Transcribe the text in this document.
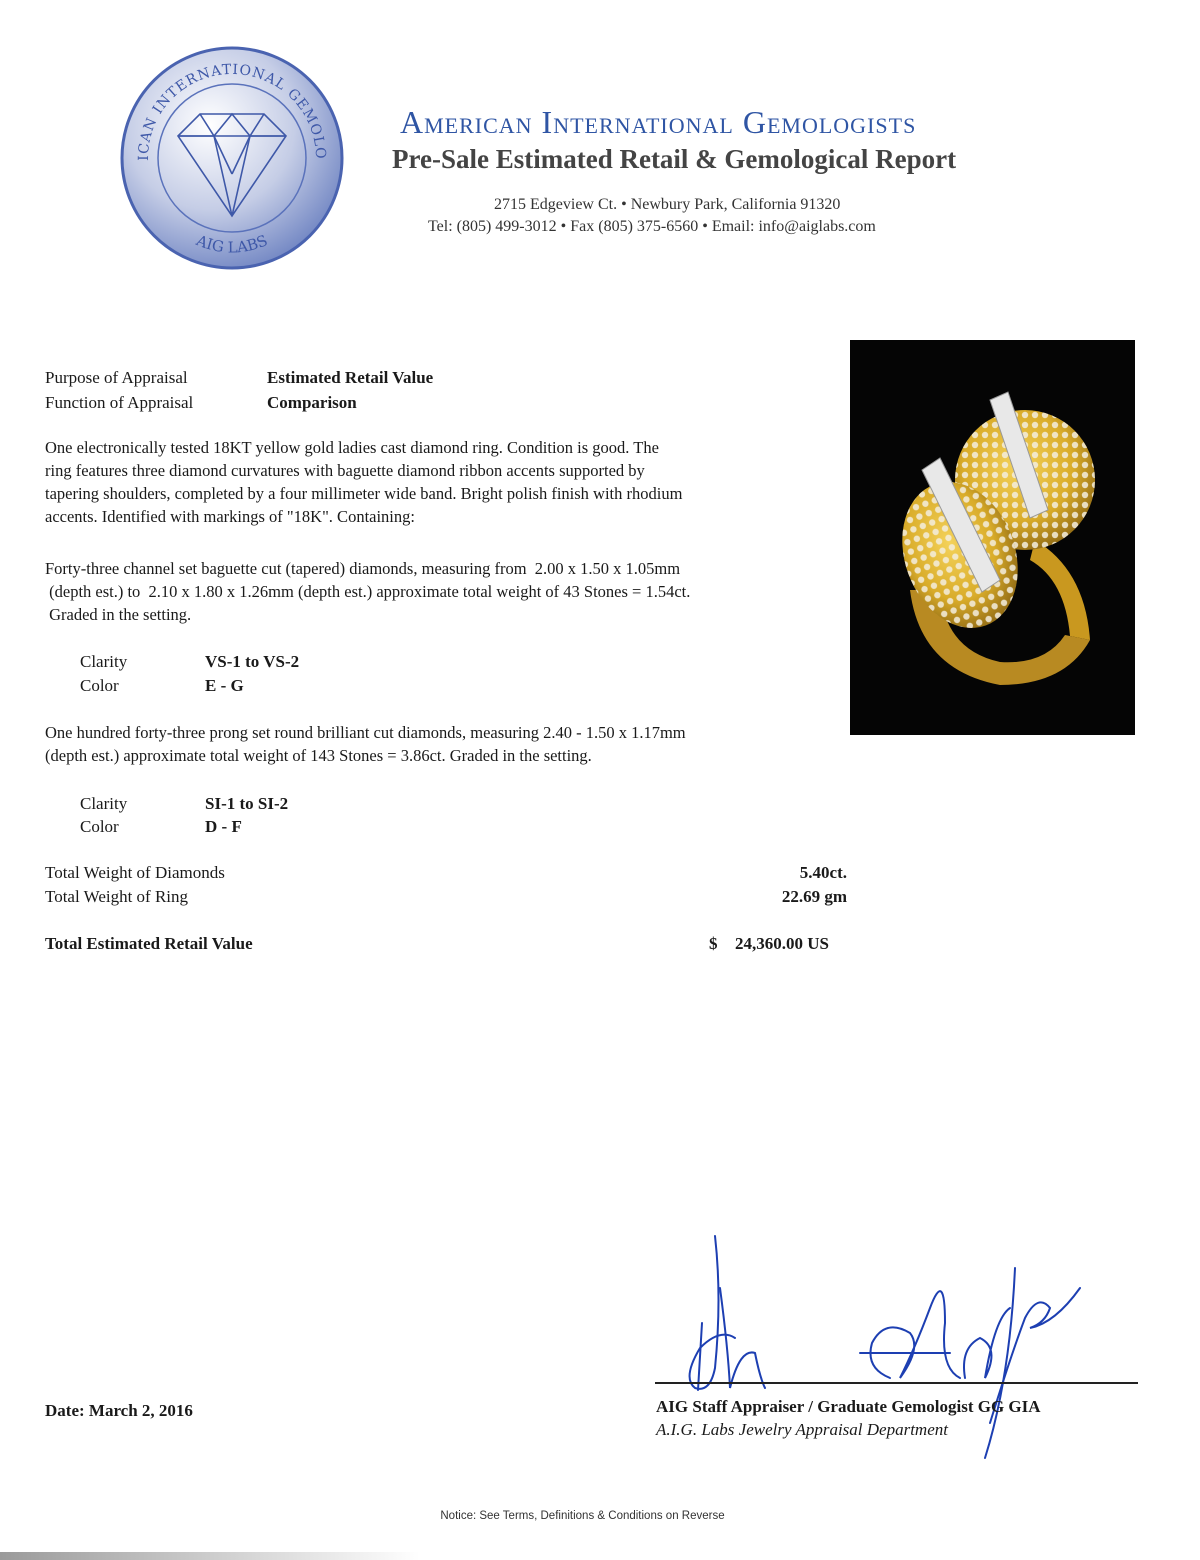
ICAN INTERNATIONAL GEMOLO
AIG LABS
American International Gemologists
Pre-Sale Estimated Retail & Gemological Report
2715 Edgeview Ct. • Newbury Park, California 91320
Tel: (805) 499-3012 • Fax (805) 375-6560 • Email: info@aiglabs.com
Purpose of Appraisal	Estimated Retail Value
Function of Appraisal	Comparison
One electronically tested 18KT yellow gold ladies cast diamond ring. Condition is good. The
ring features three diamond curvatures with baguette diamond ribbon accents supported by
tapering shoulders, completed by a four millimeter wide band. Bright polish finish with rhodium
accents. Identified with markings of "18K". Containing:
Forty-three channel set baguette cut (tapered) diamonds, measuring from  2.00 x 1.50 x 1.05mm
(depth est.) to  2.10 x 1.80 x 1.26mm (depth est.) approximate total weight of 43 Stones = 1.54ct.
Graded in the setting.
Clarity	VS-1 to VS-2
Color	E - G
One hundred forty-three prong set round brilliant cut diamonds, measuring 2.40 - 1.50 x 1.17mm
(depth est.) approximate total weight of 143 Stones = 3.86ct. Graded in the setting.
Clarity	SI-1 to SI-2
Color	D - F
Total Weight of Diamonds	5.40ct.
Total Weight of Ring	22.69 gm
Total Estimated Retail Value	$ 24,360.00 US
Date: March 2, 2016	AIG Staff Appraiser / Graduate Gemologist GG GIA
A.I.G. Labs Jewelry Appraisal Department
Notice: See Terms, Definitions & Conditions on Reverse
